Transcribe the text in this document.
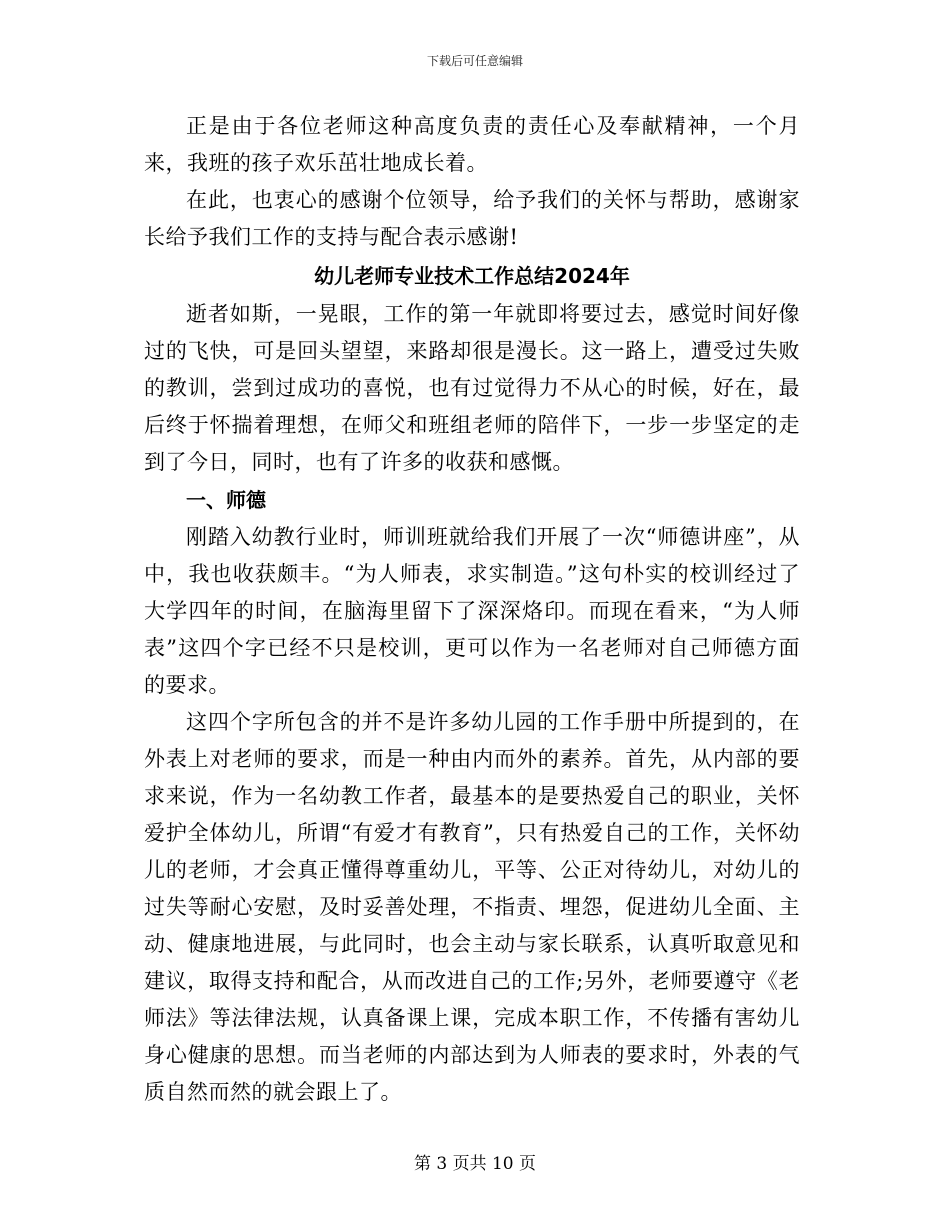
下载后可任意编辑

正是由于各位老师这种高度负责的责任心及奉献精神，一个月来，我班的孩子欢乐茁壮地成长着。

在此，也衷心的感谢个位领导，给予我们的关怀与帮助，感谢家长给予我们工作的支持与配合表示感谢!

幼儿老师专业技术工作总结2024年

逝者如斯，一晃眼，工作的第一年就即将要过去，感觉时间好像过的飞快，可是回头望望，来路却很是漫长。这一路上，遭受过失败的教训，尝到过成功的喜悦，也有过觉得力不从心的时候，好在，最后终于怀揣着理想，在师父和班组老师的陪伴下，一步一步坚定的走到了今日，同时，也有了许多的收获和感慨。

一、师德

刚踏入幼教行业时，师训班就给我们开展了一次“师德讲座”，从中，我也收获颇丰。“为人师表，求实制造。”这句朴实的校训经过了大学四年的时间，在脑海里留下了深深烙印。而现在看来，“为人师表”这四个字已经不只是校训，更可以作为一名老师对自己师德方面的要求。

这四个字所包含的并不是许多幼儿园的工作手册中所提到的，在外表上对老师的要求，而是一种由内而外的素养。首先，从内部的要求来说，作为一名幼教工作者，最基本的是要热爱自己的职业，关怀爱护全体幼儿，所谓“有爱才有教育”，只有热爱自己的工作，关怀幼儿的老师，才会真正懂得尊重幼儿，平等、公正对待幼儿，对幼儿的过失等耐心安慰，及时妥善处理，不指责、埋怨，促进幼儿全面、主动、健康地进展，与此同时，也会主动与家长联系，认真听取意见和建议，取得支持和配合，从而改进自己的工作;另外，老师要遵守《老师法》等法律法规，认真备课上课，完成本职工作，不传播有害幼儿身心健康的思想。而当老师的内部达到为人师表的要求时，外表的气质自然而然的就会跟上了。

第 3 页共 10 页
